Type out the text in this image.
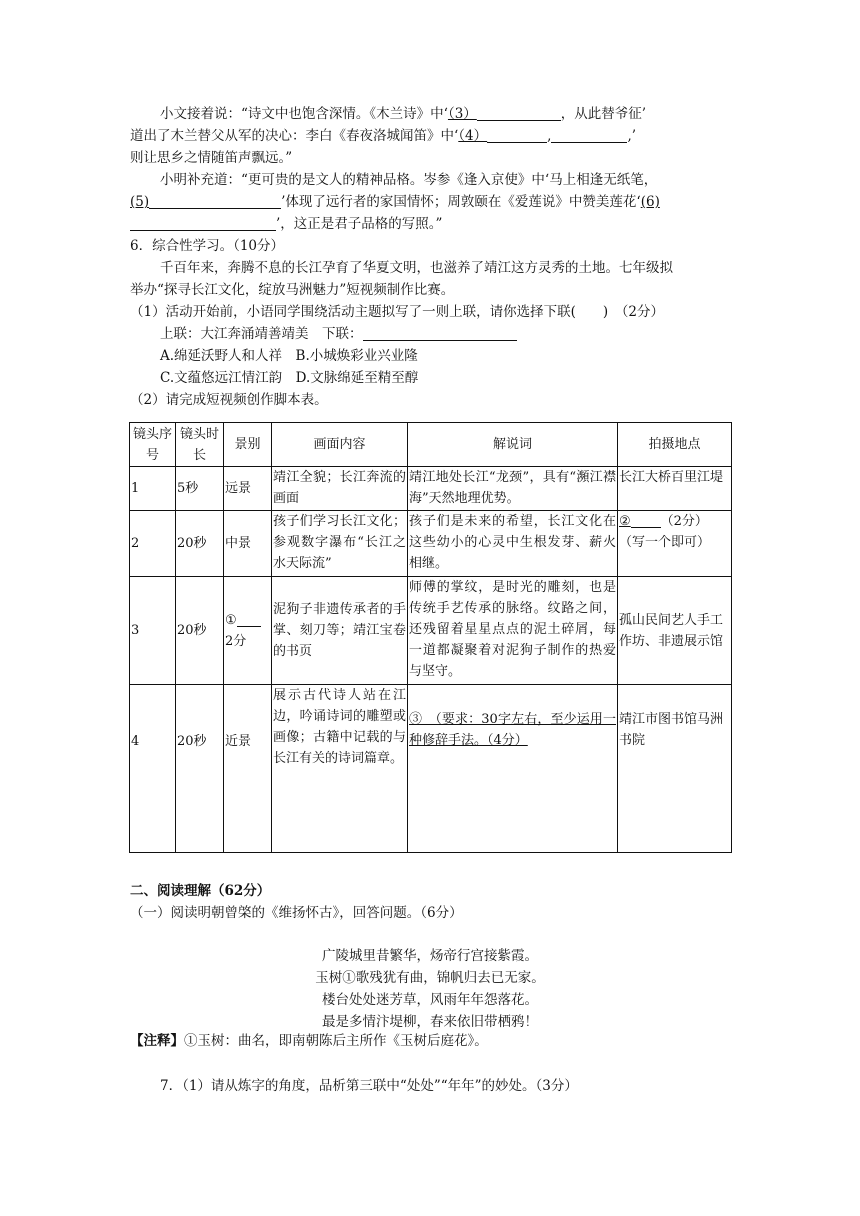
小文接着说：“诗文中也饱含深情。《木兰诗》中‘（3）	，从此替爷征’
道出了木兰替父从军的决心：李白《春夜洛城闻笛》中‘（4）	,	,’
则让思乡之情随笛声飘远。”
小明补充道：“更可贵的是文人的精神品格。岑参《逢入京使》中‘马上相逢无纸笔，
(5)	’体现了远行者的家国情怀；周敦颐在《爱莲说》中赞美莲花‘(6)
’，这正是君子品格的写照。”
6．综合性学习。（10分）
千百年来，奔腾不息的长江孕育了华夏文明，也滋养了靖江这方灵秀的土地。七年级拟
举办“探寻长江文化，绽放马洲魅力”短视频制作比赛。
（1）活动开始前，小语同学围绕活动主题拟写了一则上联，请你选择下联(　　)　（2分）
上联：大江奔涌靖善靖美　下联：
A.绵延沃野人和人祥　 B.小城焕彩业兴业隆
C.文蕴悠远江情江韵　 D.文脉绵延至精至醇
（2）请完成短视频创作脚本表。
镜头序号	镜头时长	景别	画面内容	解说词	拍摄地点
1	5秒	远景	靖江全貌；长江奔流的画面	靖江地处长江“龙颈”，具有“瀕江襟海”天然地理优势。	长江大桥百里江堤
2	20秒	中景	孩子们学习长江文化；参观数字瀑布“长江之水天际流”	孩子们是未来的希望，长江文化在这些幼小的心灵中生根发芽、薪火相继。	② （2分）
（写一个即可）

3	20秒	①
2分	泥狗子非遗传承者的手掌、刻刀等；靖江宝卷的书页	师傅的掌纹，是时光的雕刻，也是传统手艺传承的脉络。纹路之间，还残留着星星点点的泥土碎屑，每一道都凝聚着对泥狗子制作的热爱与坚守。	孤山民间艺人手工作坊、非遗展示馆
4	20秒	近景	展示古代诗人站在江边，吟诵诗词的雕塑或画像；古籍中记载的与长江有关的诗词篇章。	③　（要求：30字左右，至少运用一种修辞手法。（4分）	靖江市图书馆马洲书院
二、阅读理解（62分）
（一）阅读明朝曾棨的《维扬怀古》，回答问题。（6分）
广陵城里昔繁华，炀帝行宫接紫霞。
玉树①歌残犹有曲，锦帆归去已无家。
楼台处处迷芳草，风雨年年怨落花。
最是多情汴堤柳，春来依旧带栖鸦！
【注释】①玉树：曲名，即南朝陈后主所作《玉树后庭花》。
7．（1）请从炼字的角度，品析第三联中“处处”“年年”的妙处。（3分）
